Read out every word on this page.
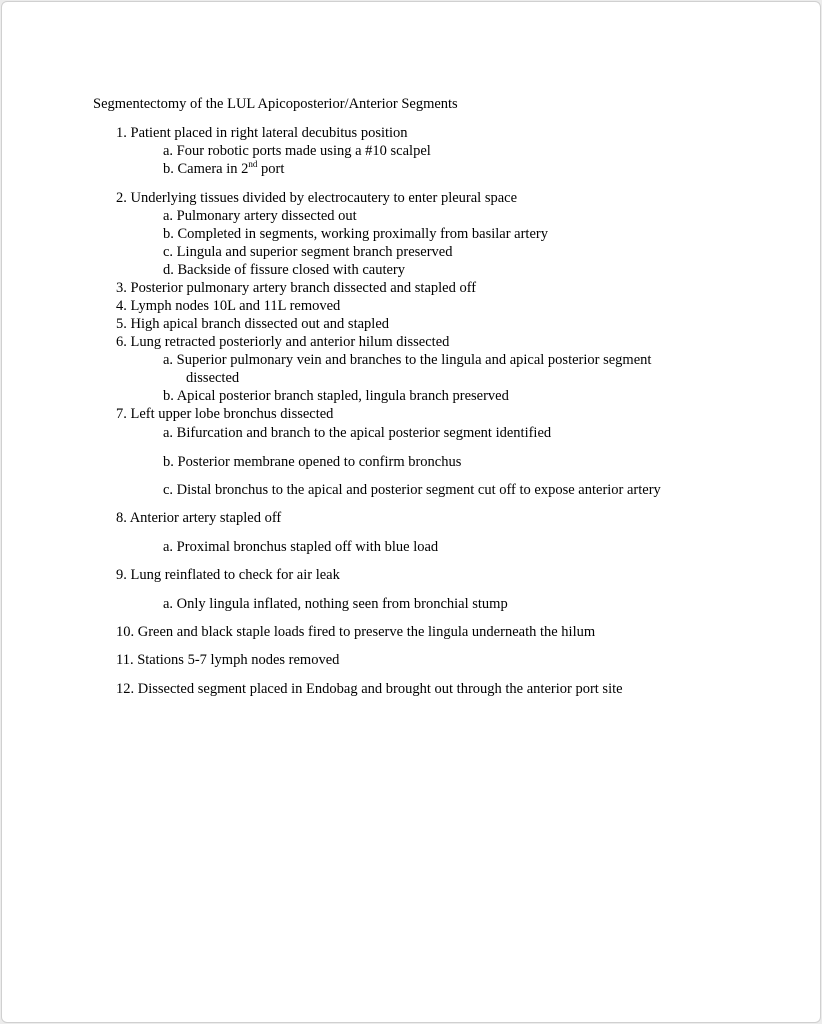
Segmentectomy of the LUL Apicoposterior/Anterior Segments
1. Patient placed in right lateral decubitus position
a. Four robotic ports made using a #10 scalpel
b. Camera in 2nd port
2. Underlying tissues divided by electrocautery to enter pleural space
a. Pulmonary artery dissected out
b. Completed in segments, working proximally from basilar artery
c. Lingula and superior segment branch preserved
d. Backside of fissure closed with cautery
3. Posterior pulmonary artery branch dissected and stapled off
4. Lymph nodes 10L and 11L removed
5. High apical branch dissected out and stapled
6. Lung retracted posteriorly and anterior hilum dissected
a. Superior pulmonary vein and branches to the lingula and apical posterior segment
dissected
b. Apical posterior branch stapled, lingula branch preserved
7. Left upper lobe bronchus dissected
a. Bifurcation and branch to the apical posterior segment identified
b. Posterior membrane opened to confirm bronchus
c. Distal bronchus to the apical and posterior segment cut off to expose anterior artery
8. Anterior artery stapled off
a. Proximal bronchus stapled off with blue load
9. Lung reinflated to check for air leak
a. Only lingula inflated, nothing seen from bronchial stump
10. Green and black staple loads fired to preserve the lingula underneath the hilum
11. Stations 5-7 lymph nodes removed
12. Dissected segment placed in Endobag and brought out through the anterior port site
